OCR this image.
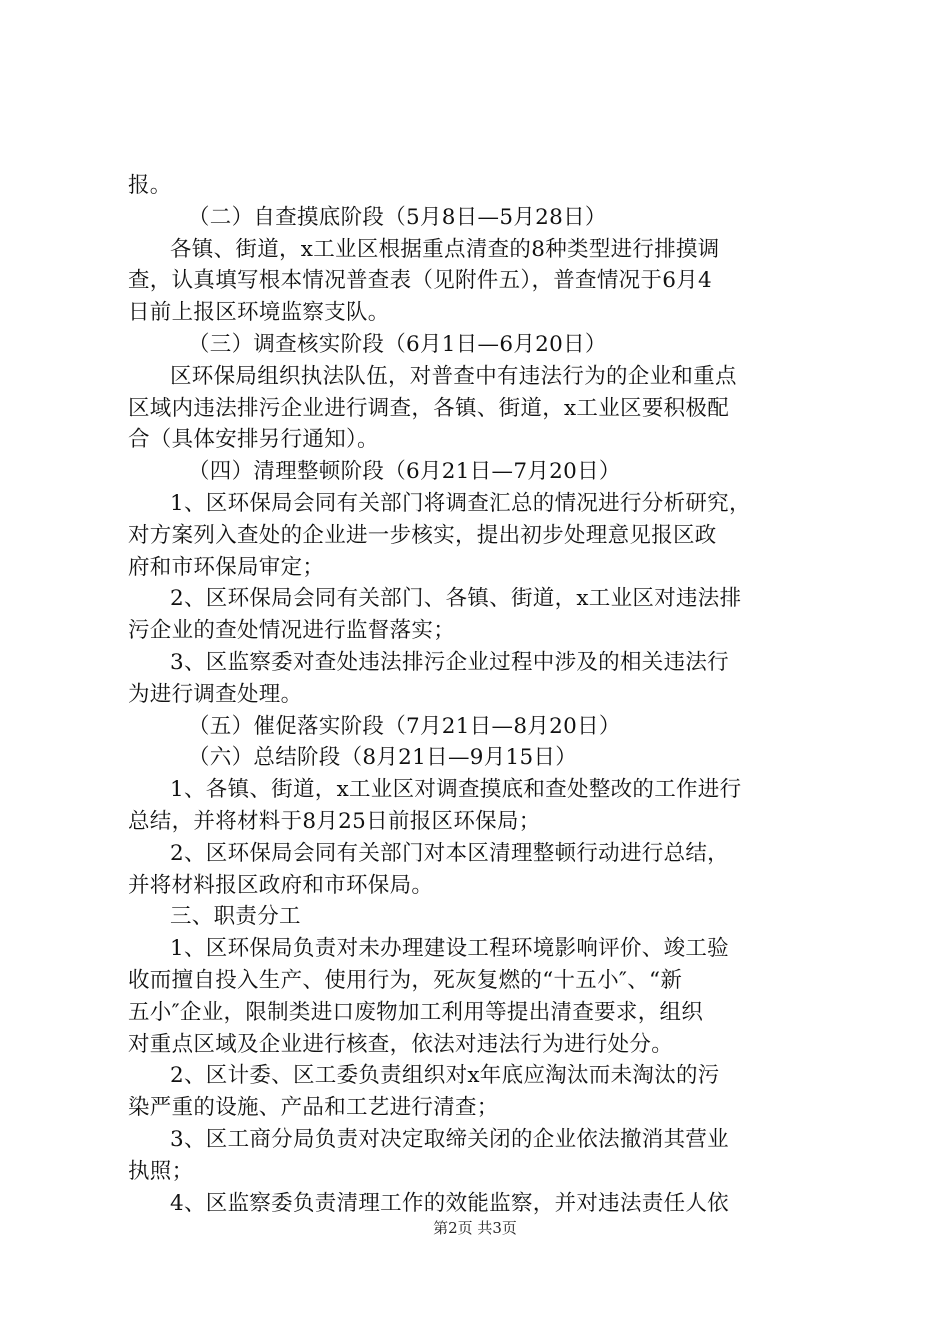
报。
（二）自查摸底阶段（5月8日—5月28日）
各镇、街道，x工业区根据重点清查的8种类型进行排摸调
查，认真填写根本情况普查表（见附件五），普查情况于6月4
日前上报区环境监察支队。
（三）调查核实阶段（6月1日—6月20日）
区环保局组织执法队伍，对普查中有违法行为的企业和重点
区域内违法排污企业进行调查，各镇、街道，x工业区要积极配
合（具体安排另行通知）。
（四）清理整顿阶段（6月21日—7月20日）
1、区环保局会同有关部门将调查汇总的情况进行分析研究，
对方案列入查处的企业进一步核实，提出初步处理意见报区政
府和市环保局审定；
2、区环保局会同有关部门、各镇、街道，x工业区对违法排
污企业的查处情况进行监督落实；
3、区监察委对查处违法排污企业过程中涉及的相关违法行
为进行调查处理。
（五）催促落实阶段（7月21日—8月20日）
（六）总结阶段（8月21日—9月15日）
1、各镇、街道，x工业区对调查摸底和查处整改的工作进行
总结，并将材料于8月25日前报区环保局；
2、区环保局会同有关部门对本区清理整顿行动进行总结，
并将材料报区政府和市环保局。
三、职责分工
1、区环保局负责对未办理建设工程环境影响评价、竣工验
收而擅自投入生产、使用行为，死灰复燃的“十五小″、“新
五小″企业，限制类进口废物加工利用等提出清查要求，组织
对重点区域及企业进行核查，依法对违法行为进行处分。
2、区计委、区工委负责组织对x年底应淘汰而未淘汰的污
染严重的设施、产品和工艺进行清查；
3、区工商分局负责对决定取缔关闭的企业依法撤消其营业
执照；
4、区监察委负责清理工作的效能监察，并对违法责任人依
第2页 共3页
